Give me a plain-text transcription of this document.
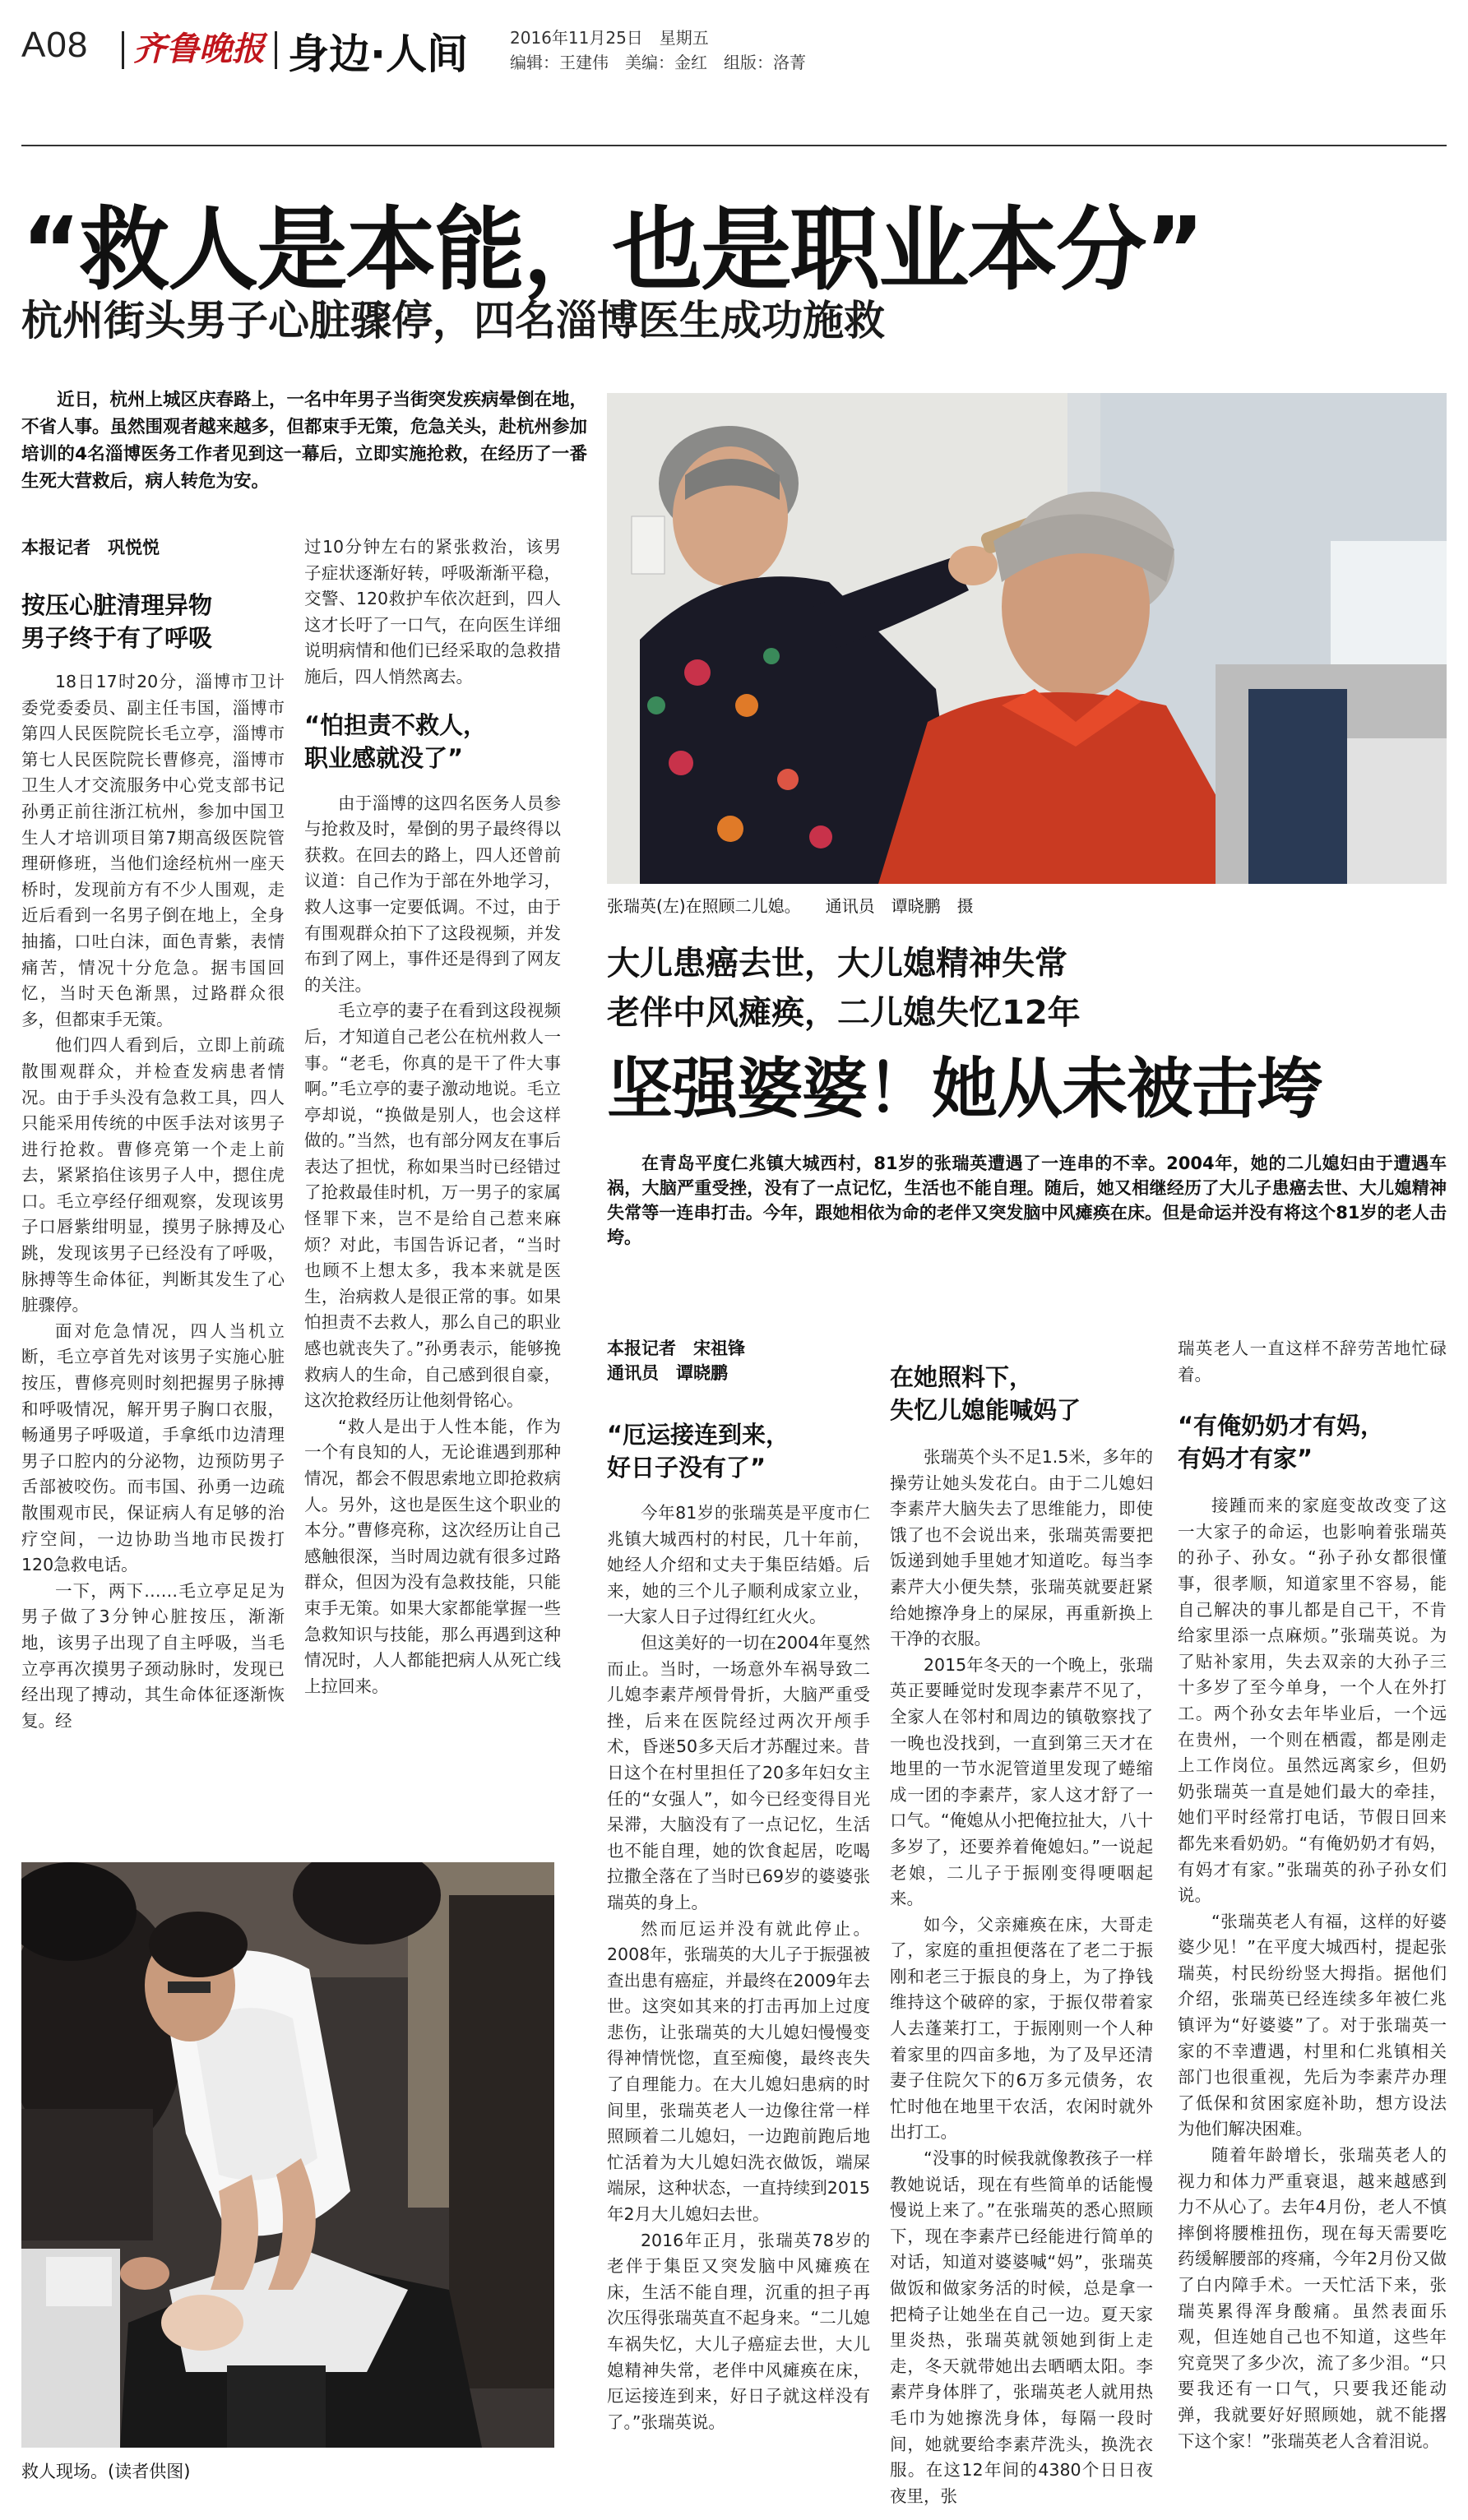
A08 齐鲁晚报 身边·人间	2016年11月25日　星期五
编辑：王建伟　美编：金红　组版：洛菁
“救人是本能，也是职业本分”
杭州街头男子心脏骤停，四名淄博医生成功施救
近日，杭州上城区庆春路上，一名中年男子当街突发疾病晕倒在地，不省人事。虽然围观者越来越多，但都束手无策，危急关头，赴杭州参加培训的4名淄博医务工作者见到这一幕后，立即实施抢救，在经历了一番生死大营救后，病人转危为安。
本报记者　巩悦悦
按压心脏清理异物
男子终于有了呼吸

18日17时20分，淄博市卫计委党委委员、副主任韦国，淄博市第四人民医院院长毛立亭，淄博市第七人民医院院长曹修亮，淄博市卫生人才交流服务中心党支部书记孙勇正前往浙江杭州，参加中国卫生人才培训项目第7期高级医院管理研修班，当他们途经杭州一座天桥时，发现前方有不少人围观，走近后看到一名男子倒在地上，全身抽搐，口吐白沫，面色青紫，表情痛苦，情况十分危急。据韦国回忆，当时天色渐黑，过路群众很多，但都束手无策。

他们四人看到后，立即上前疏散围观群众，并检查发病患者情况。由于手头没有急救工具，四人只能采用传统的中医手法对该男子进行抢救。曹修亮第一个走上前去，紧紧掐住该男子人中，摁住虎口。毛立亭经仔细观察，发现该男子口唇紫绀明显，摸男子脉搏及心跳，发现该男子已经没有了呼吸，脉搏等生命体征，判断其发生了心脏骤停。

面对危急情况，四人当机立断，毛立亭首先对该男子实施心脏按压，曹修亮则时刻把握男子脉搏和呼吸情况，解开男子胸口衣服，畅通男子呼吸道，手拿纸巾边清理男子口腔内的分泌物，边预防男子舌部被咬伤。而韦国、孙勇一边疏散围观市民，保证病人有足够的治疗空间，一边协助当地市民拨打120急救电话。

一下，两下……毛立亭足足为男子做了3分钟心脏按压，渐渐地，该男子出现了自主呼吸，当毛立亭再次摸男子颈动脉时，发现已经出现了搏动，其生命体征逐渐恢复。经

过10分钟左右的紧张救治，该男子症状逐渐好转，呼吸渐渐平稳，交警、120救护车依次赶到，四人这才长吁了一口气，在向医生详细说明病情和他们已经采取的急救措施后，四人悄然离去。

“怕担责不救人，
职业感就没了”

由于淄博的这四名医务人员参与抢救及时，晕倒的男子最终得以获救。在回去的路上，四人还曾前议道：自己作为于部在外地学习，救人这事一定要低调。不过，由于有围观群众拍下了这段视频，并发布到了网上，事件还是得到了网友的关注。

毛立亭的妻子在看到这段视频后，才知道自己老公在杭州救人一事。“老毛，你真的是干了件大事啊。”毛立亭的妻子激动地说。毛立亭却说，“换做是别人，也会这样做的。”当然，也有部分网友在事后表达了担忧，称如果当时已经错过了抢救最佳时机，万一男子的家属怪罪下来，岂不是给自己惹来麻烦？对此，韦国告诉记者，“当时也顾不上想太多，我本来就是医生，治病救人是很正常的事。如果怕担责不去救人，那么自己的职业感也就丧失了。”孙勇表示，能够挽救病人的生命，自己感到很自豪，这次抢救经历让他刻骨铭心。

“救人是出于人性本能，作为一个有良知的人，无论谁遇到那种情况，都会不假思索地立即抢救病人。另外，这也是医生这个职业的本分。”曹修亮称，这次经历让自己感触很深，当时周边就有很多过路群众，但因为没有急救技能，只能束手无策。如果大家都能掌握一些急救知识与技能，那么再遇到这种情况时，人人都能把病人从死亡线上拉回来。

救人现场。(读者供图)
张瑞英(左)在照顾二儿媳。　　通讯员　谭晓鹏　摄
大儿患癌去世，大儿媳精神失常
老伴中风瘫痪，二儿媳失忆12年
坚强婆婆！她从未被击垮
在青岛平度仁兆镇大城西村，81岁的张瑞英遭遇了一连串的不幸。2004年，她的二儿媳妇由于遭遇车祸，大脑严重受挫，没有了一点记忆，生活也不能自理。随后，她又相继经历了大儿子患癌去世、大儿媳精神失常等一连串打击。今年，跟她相依为命的老伴又突发脑中风瘫痪在床。但是命运并没有将这个81岁的老人击垮。
本报记者　宋祖锋
通讯员　谭晓鹏
“厄运接连到来，
好日子没有了”

今年81岁的张瑞英是平度市仁兆镇大城西村的村民，几十年前，她经人介绍和丈夫于集臣结婚。后来，她的三个儿子顺利成家立业，一大家人日子过得红红火火。

但这美好的一切在2004年戛然而止。当时，一场意外车祸导致二儿媳李素芹颅骨骨折，大脑严重受挫，后来在医院经过两次开颅手术，昏迷50多天后才苏醒过来。昔日这个在村里担任了20多年妇女主任的“女强人”，如今已经变得目光呆滞，大脑没有了一点记忆，生活也不能自理，她的饮食起居，吃喝拉撒全落在了当时已69岁的婆婆张瑞英的身上。

然而厄运并没有就此停止。2008年，张瑞英的大儿子于振强被查出患有癌症，并最终在2009年去世。这突如其来的打击再加上过度悲伤，让张瑞英的大儿媳妇慢慢变得神情恍惚，直至痴傻，最终丧失了自理能力。在大儿媳妇患病的时间里，张瑞英老人一边像往常一样照顾着二儿媳妇，一边跑前跑后地忙活着为大儿媳妇洗衣做饭，端屎端尿，这种状态，一直持续到2015年2月大儿媳妇去世。

2016年正月，张瑞英78岁的老伴于集臣又突发脑中风瘫痪在床，生活不能自理，沉重的担子再次压得张瑞英直不起身来。“二儿媳车祸失忆，大儿子癌症去世，大儿媳精神失常，老伴中风瘫痪在床，厄运接连到来，好日子就这样没有了。”张瑞英说。

在她照料下，
失忆儿媳能喊妈了

张瑞英个头不足1.5米，多年的操劳让她头发花白。由于二儿媳妇李素芹大脑失去了思维能力，即使饿了也不会说出来，张瑞英需要把饭递到她手里她才知道吃。每当李素芹大小便失禁，张瑞英就要赶紧给她擦净身上的屎尿，再重新换上干净的衣服。

2015年冬天的一个晚上，张瑞英正要睡觉时发现李素芹不见了，全家人在邻村和周边的镇敬察找了一晚也没找到，一直到第三天才在地里的一节水泥管道里发现了蜷缩成一团的李素芹，家人这才舒了一口气。“俺媳从小把俺拉扯大，八十多岁了，还要养着俺媳妇。”一说起老娘，二儿子于振刚变得哽咽起来。

如今，父亲瘫痪在床，大哥走了，家庭的重担便落在了老二于振刚和老三于振良的身上，为了挣钱维持这个破碎的家，于振仅带着家人去蓬莱打工，于振刚则一个人种着家里的四亩多地，为了及早还清妻子住院欠下的6万多元债务，农忙时他在地里干农活，农闲时就外出打工。

“没事的时候我就像教孩子一样教她说话，现在有些简单的话能慢慢说上来了。”在张瑞英的悉心照顾下，现在李素芹已经能进行简单的对话，知道对婆婆喊“妈”，张瑞英做饭和做家务活的时候，总是拿一把椅子让她坐在自己一边。夏天家里炎热，张瑞英就领她到街上走走，冬天就带她出去晒晒太阳。李素芹身体胖了，张瑞英老人就用热毛巾为她擦洗身体，每隔一段时间，她就要给李素芹洗头，换洗衣服。在这12年间的4380个日日夜夜里，张

瑞英老人一直这样不辞劳苦地忙碌着。

“有俺奶奶才有妈，
有妈才有家”

接踵而来的家庭变故改变了这一大家子的命运，也影响着张瑞英的孙子、孙女。“孙子孙女都很懂事，很孝顺，知道家里不容易，能自己解决的事儿都是自己干，不肯给家里添一点麻烦。”张瑞英说。为了贴补家用，失去双亲的大孙子三十多岁了至今单身，一个人在外打工。两个孙女去年毕业后，一个远在贵州，一个则在栖霞，都是刚走上工作岗位。虽然远离家乡，但奶奶张瑞英一直是她们最大的牵挂，她们平时经常打电话，节假日回来都先来看奶奶。“有俺奶奶才有妈，有妈才有家。”张瑞英的孙子孙女们说。

“张瑞英老人有福，这样的好婆婆少见！”在平度大城西村，提起张瑞英，村民纷纷竖大拇指。据他们介绍，张瑞英已经连续多年被仁兆镇评为“好婆婆”了。对于张瑞英一家的不幸遭遇，村里和仁兆镇相关部门也很重视，先后为李素芹办理了低保和贫困家庭补助，想方设法为他们解决困难。

随着年龄增长，张瑞英老人的视力和体力严重衰退，越来越感到力不从心了。去年4月份，老人不慎摔倒将腰椎扭伤，现在每天需要吃药缓解腰部的疼痛，今年2月份又做了白内障手术。一天忙活下来，张瑞英累得浑身酸痛。虽然表面乐观，但连她自己也不知道，这些年究竟哭了多少次，流了多少泪。“只要我还有一口气，只要我还能动弹，我就要好好照顾她，就不能撂下这个家！”张瑞英老人含着泪说。
